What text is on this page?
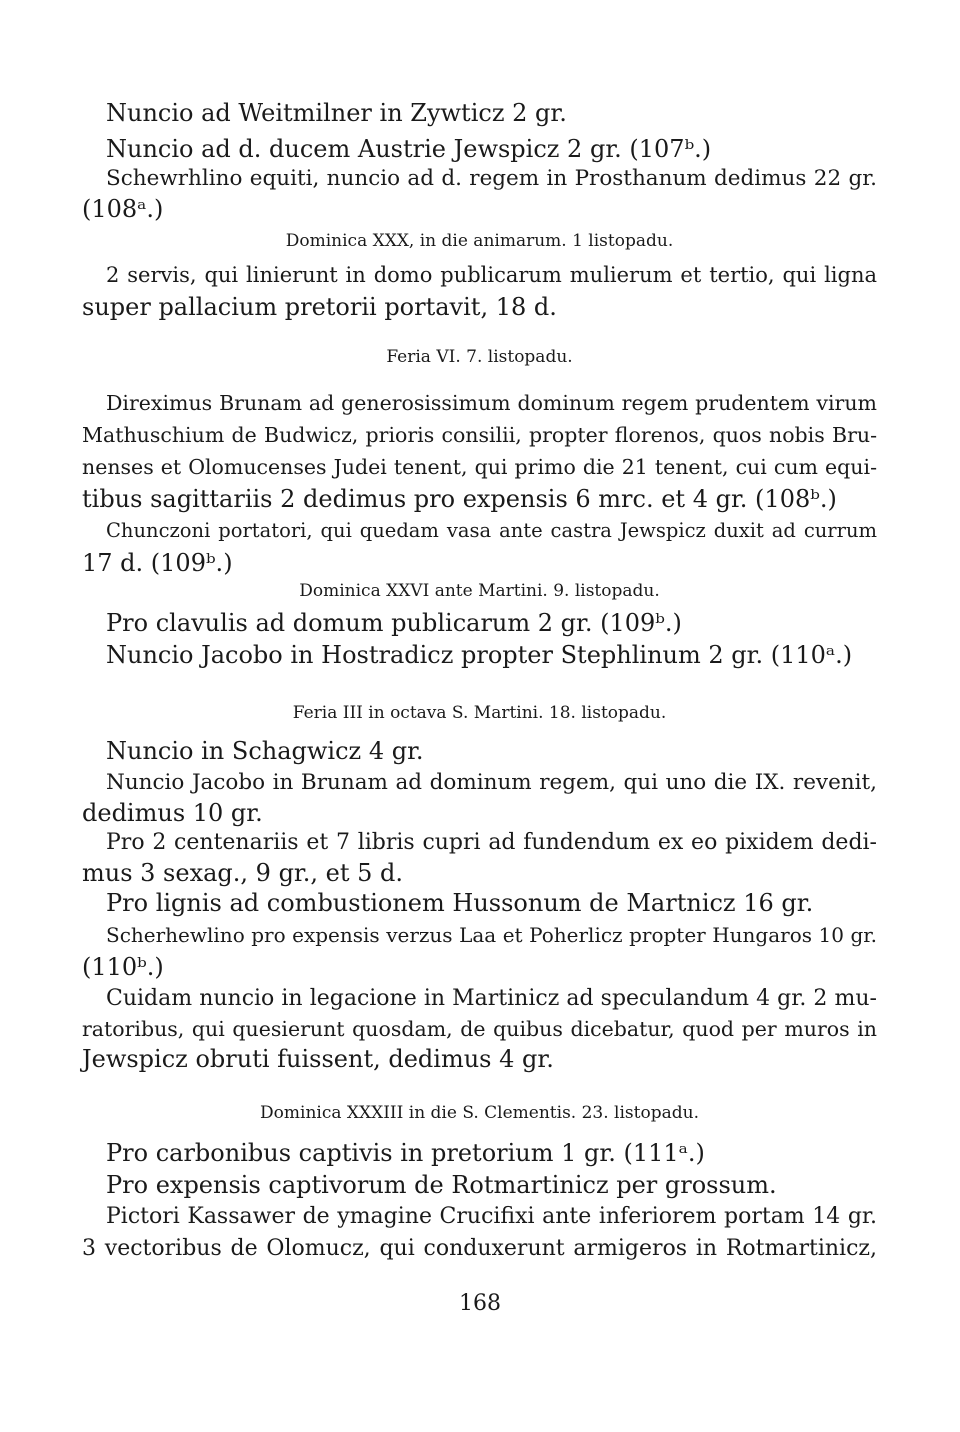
Nuncio ad Weitmilner in Zywticz 2 gr.
Nuncio ad d. ducem Austrie Jewspicz 2 gr. (107ᵇ.)
Schewrhlino equiti, nuncio ad d. regem in Prosthanum dedimus 22 gr.
(108ᵃ.)
Dominica XXX, in die animarum. 1 listopadu.
2 servis, qui linierunt in domo publicarum mulierum et tertio, qui ligna
super pallacium pretorii portavit, 18 d.
Feria VI. 7. listopadu.
Direximus Brunam ad generosissimum dominum regem prudentem virum
Mathuschium de Budwicz, prioris consilii, propter florenos, quos nobis Bru-
nenses et Olomucenses Judei tenent, qui primo die 21 tenent, cui cum equi-
tibus sagittariis 2 dedimus pro expensis 6 mrc. et 4 gr. (108ᵇ.)
Chunczoni portatori, qui quedam vasa ante castra Jewspicz duxit ad currum
17 d. (109ᵇ.)
Dominica XXVI ante Martini. 9. listopadu.
Pro clavulis ad domum publicarum 2 gr. (109ᵇ.)
Nuncio Jacobo in Hostradicz propter Stephlinum 2 gr. (110ᵃ.)
Feria III in octava S. Martini. 18. listopadu.
Nuncio in Schagwicz 4 gr.
Nuncio Jacobo in Brunam ad dominum regem, qui uno die IX. revenit,
dedimus 10 gr.
Pro 2 centenariis et 7 libris cupri ad fundendum ex eo pixidem dedi-
mus 3 sexag., 9 gr., et 5 d.
Pro lignis ad combustionem Hussonum de Martnicz 16 gr.
Scherhewlino pro expensis verzus Laa et Poherlicz propter Hungaros 10 gr.
(110ᵇ.)
Cuidam nuncio in legacione in Martinicz ad speculandum 4 gr. 2 mu-
ratoribus, qui quesierunt quosdam, de quibus dicebatur, quod per muros in
Jewspicz obruti fuissent, dedimus 4 gr.
Dominica XXXIII in die S. Clementis. 23. listopadu.
Pro carbonibus captivis in pretorium 1 gr. (111ᵃ.)
Pro expensis captivorum de Rotmartinicz per grossum.
Pictori Kassawer de ymagine Crucifixi ante inferiorem portam 14 gr.
3 vectoribus de Olomucz, qui conduxerunt armigeros in Rotmartinicz,
168
